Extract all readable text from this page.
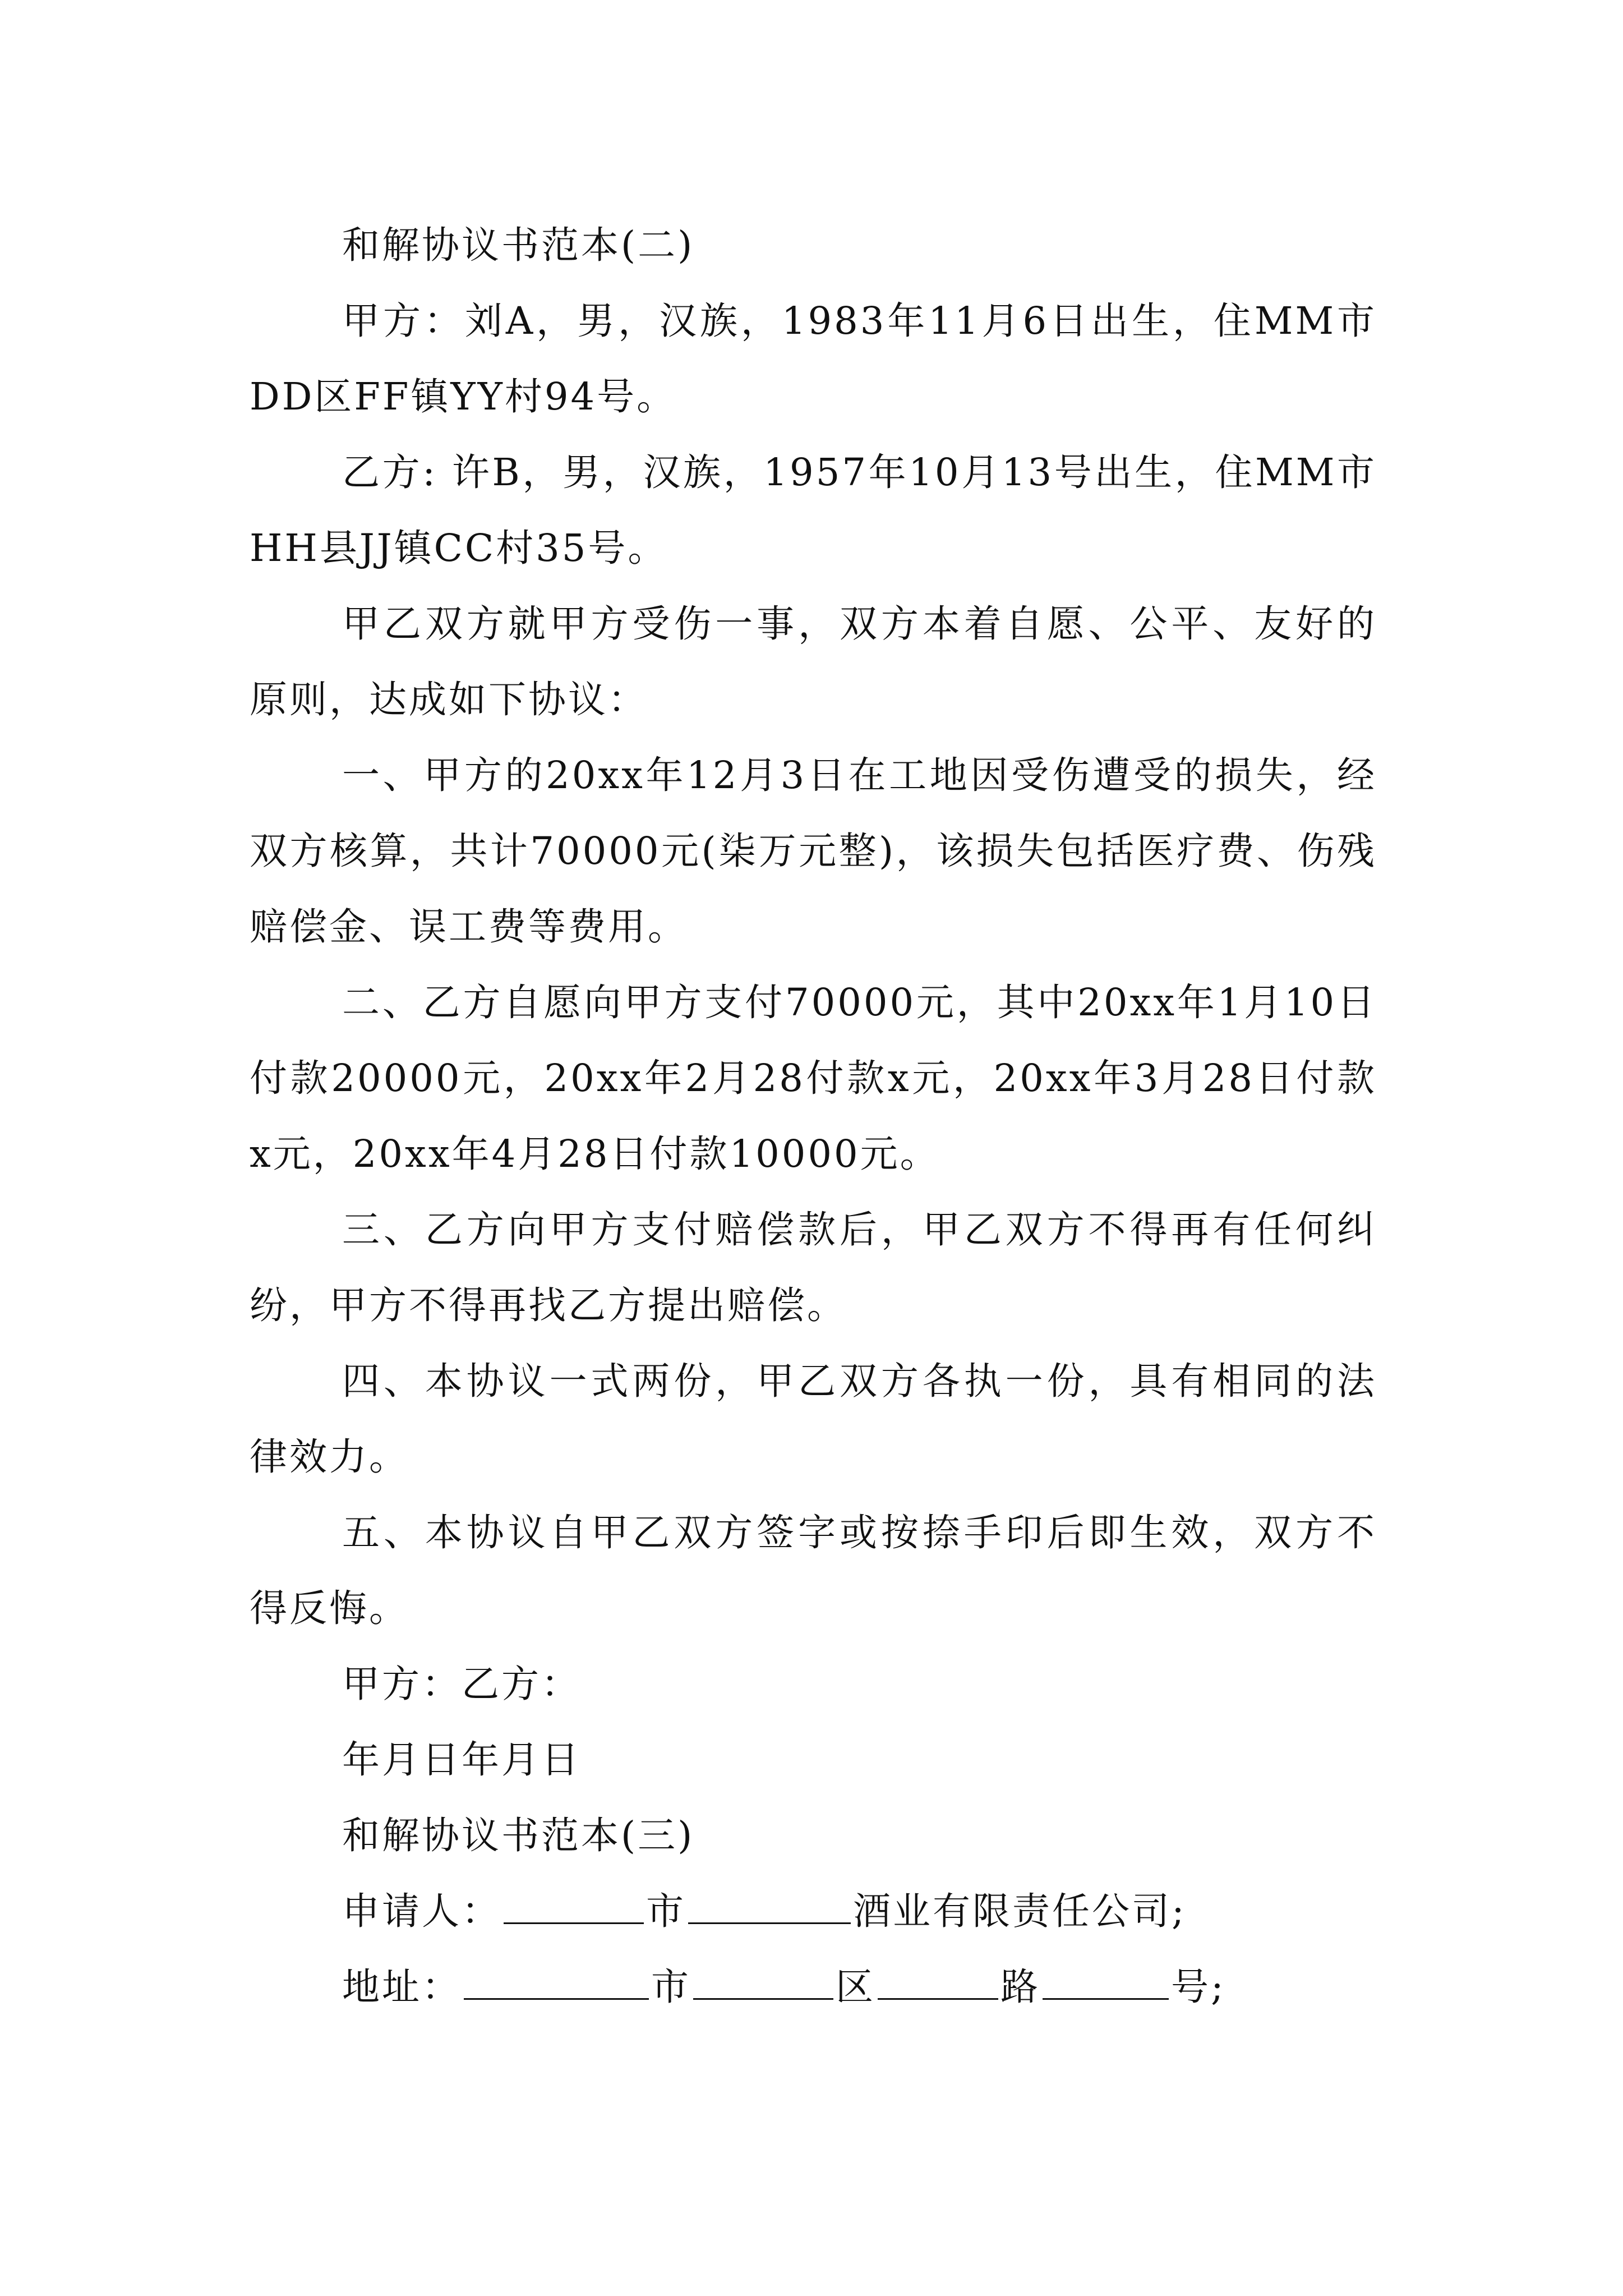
和解协议书范本(二)

甲方：刘A，男，汉族，1983年11月6日出生，住MM市DD区FF镇YY村94号。

乙方: 许B，男，汉族，1957年10月13号出生，住MM市HH县JJ镇CC村35号。

甲乙双方就甲方受伤一事，双方本着自愿、公平、友好的原则，达成如下协议：

一、甲方的20xx年12月3日在工地因受伤遭受的损失，经双方核算，共计70000元(柒万元整)，该损失包括医疗费、伤残赔偿金、误工费等费用。

二、乙方自愿向甲方支付70000元，其中20xx年1月10日付款20000元，20xx年2月28付款x元，20xx年3月28日付款x元，20xx年4月28日付款10000元。

三、乙方向甲方支付赔偿款后，甲乙双方不得再有任何纠纷，甲方不得再找乙方提出赔偿。

四、本协议一式两份，甲乙双方各执一份，具有相同的法律效力。

五、本协议自甲乙双方签字或按捺手印后即生效，双方不得反悔。

甲方：乙方：

年月日年月日

和解协议书范本(三)

申请人：	市	酒业有限责任公司;

地址：	市	区	路	号;
